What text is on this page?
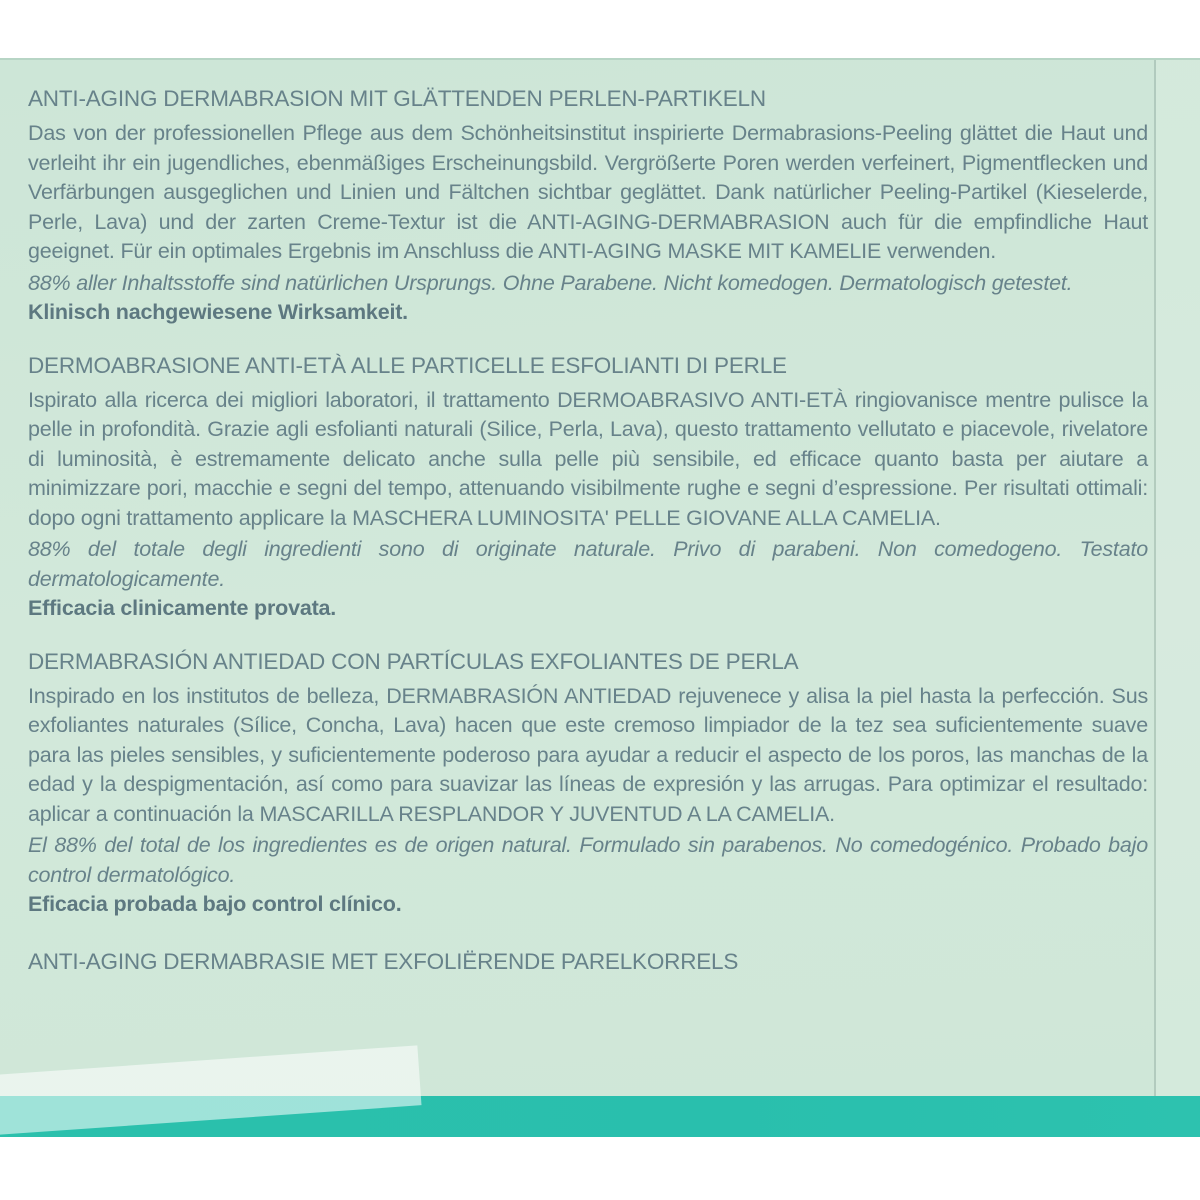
ANTI-AGING DERMABRASION MIT GLÄTTENDEN PERLEN-PARTIKELN

Das von der professionellen Pflege aus dem Schönheitsinstitut inspirierte Dermabrasions-Peeling glättet die Haut und verleiht ihr ein jugendliches, ebenmäßiges Erscheinungsbild. Vergrößerte Poren werden verfeinert, Pigmentflecken und Verfärbungen ausgeglichen und Linien und Fältchen sichtbar geglättet. Dank natürlicher Peeling-Partikel (Kieselerde, Perle, Lava) und der zarten Creme-Textur ist die ANTI-AGING-DERMABRASION auch für die empfindliche Haut geeignet. Für ein optimales Ergebnis im Anschluss die ANTI-AGING MASKE MIT KAMELIE verwenden.

88% aller Inhaltsstoffe sind natürlichen Ursprungs. Ohne Parabene. Nicht komedogen. Dermatologisch getestet.

Klinisch nachgewiesene Wirksamkeit.

DERMOABRASIONE ANTI-ETÀ ALLE PARTICELLE ESFOLIANTI DI PERLE

Ispirato alla ricerca dei migliori laboratori, il trattamento DERMOABRASIVO ANTI-ETÀ ringiovanisce mentre pulisce la pelle in profondità. Grazie agli esfolianti naturali (Silice, Perla, Lava), questo trattamento vellutato e piacevole, rivelatore di luminosità, è estremamente delicato anche sulla pelle più sensibile, ed efficace quanto basta per aiutare a minimizzare pori, macchie e segni del tempo, attenuando visibilmente rughe e segni d’espressione. Per risultati ottimali: dopo ogni trattamento applicare la MASCHERA LUMINOSITA' PELLE GIOVANE ALLA CAMELIA.

88% del totale degli ingredienti sono di originate naturale. Privo di parabeni. Non comedogeno. Testato dermatologicamente.

Efficacia clinicamente provata.

DERMABRASIÓN ANTIEDAD CON PARTÍCULAS EXFOLIANTES DE PERLA

Inspirado en los institutos de belleza, DERMABRASIÓN ANTIEDAD rejuvenece y alisa la piel hasta la perfección. Sus exfoliantes naturales (Sílice, Concha, Lava) hacen que este cremoso limpiador de la tez sea suficientementе suave para las pieles sensibles, y suficientemente poderoso para ayudar a reducir el aspecto de los poros, las manchas de la edad y la despigmentación, así como para suavizar las líneas de expresión y las arrugas. Para optimizar el resultado: aplicar a continuación la MASCARILLA RESPLANDOR Y JUVENTUD A LA CAMELIA.

El 88% del total de los ingredientes es de origen natural. Formulado sin parabenos. No comedogénico. Probado bajo control dermatológico.

Eficacia probada bajo control clínico.

ANTI-AGING DERMABRASIE MET EXFOLIËRENDE PARELKORRELS
